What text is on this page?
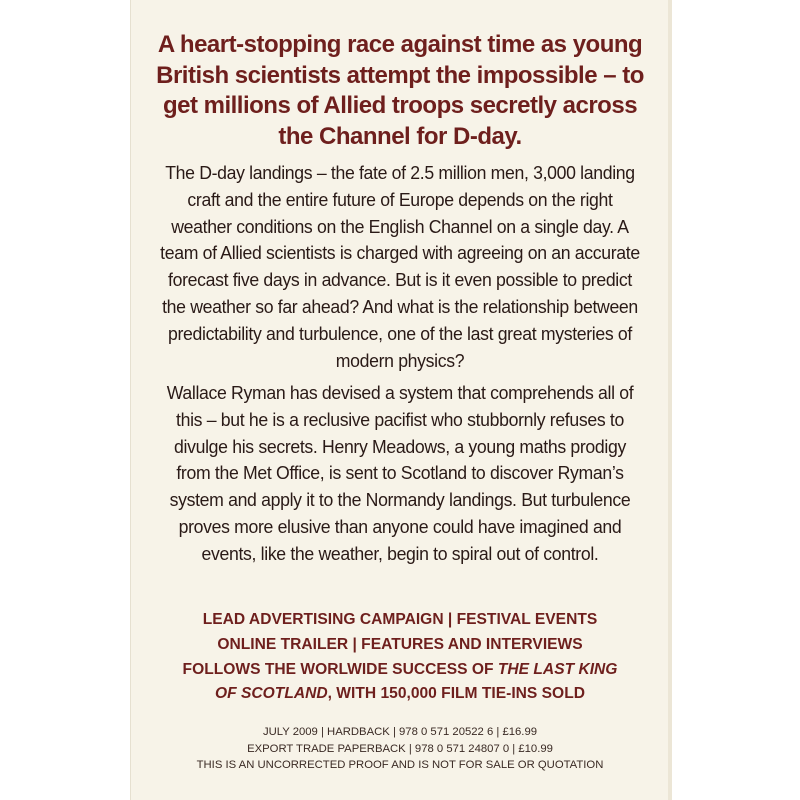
A heart-stopping race against time as young
British scientists attempt the impossible – to
get millions of Allied troops secretly across
the Channel for D-day.

The D-day landings – the fate of 2.5 million men, 3,000 landing craft and the entire future of Europe depends on the right weather conditions on the English Channel on a single day. A team of Allied scientists is charged with agreeing on an accurate forecast five days in advance. But is it even possible to predict the weather so far ahead? And what is the relationship between predictability and turbulence, one of the last great mysteries of modern physics?

Wallace Ryman has devised a system that comprehends all of this – but he is a reclusive pacifist who stubbornly refuses to divulge his secrets. Henry Meadows, a young maths prodigy from the Met Office, is sent to Scotland to discover Ryman’s system and apply it to the Normandy landings. But turbulence proves more elusive than anyone could have imagined and events, like the weather, begin to spiral out of control.

LEAD ADVERTISING CAMPAIGN | FESTIVAL EVENTS
ONLINE TRAILER | FEATURES AND INTERVIEWS
FOLLOWS THE WORLWIDE SUCCESS OF THE LAST KING
OF SCOTLAND, WITH 150,000 FILM TIE-INS SOLD

JULY 2009 | HARDBACK | 978 0 571 20522 6 | £16.99
EXPORT TRADE PAPERBACK | 978 0 571 24807 0 | £10.99
THIS IS AN UNCORRECTED PROOF AND IS NOT FOR SALE OR QUOTATION
